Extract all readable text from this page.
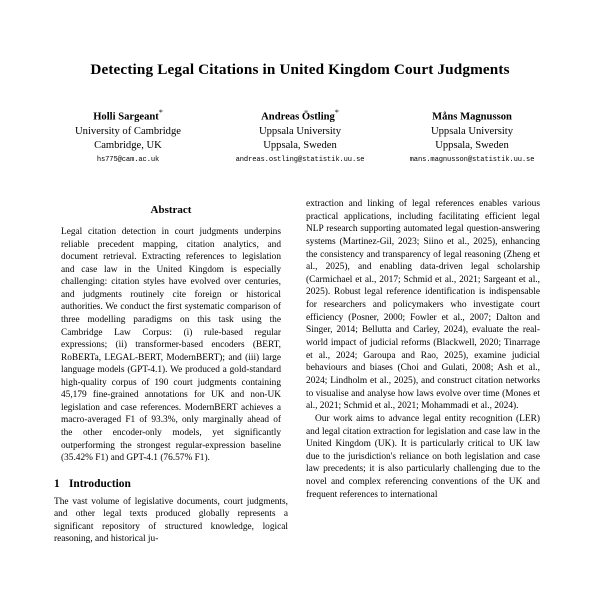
Detecting Legal Citations in United Kingdom Court Judgments
Holli Sargeant*
University of Cambridge
Cambridge, UK
hs775@cam.ac.uk
Andreas Östling*
Uppsala University
Uppsala, Sweden
andreas.ostling@statistik.uu.se
Måns Magnusson
Uppsala University
Uppsala, Sweden
mans.magnusson@statistik.uu.se
Abstract

Legal citation detection in court judgments underpins reliable precedent mapping, citation analytics, and document retrieval. Extracting references to legislation and case law in the United Kingdom is especially challenging: citation styles have evolved over centuries, and judgments routinely cite foreign or historical authorities. We conduct the first systematic comparison of three modelling paradigms on this task using the Cambridge Law Corpus: (i) rule-based regular expressions; (ii) transformer-based encoders (BERT, RoBERTa, LEGAL-BERT, ModernBERT); and (iii) large language models (GPT-4.1). We produced a gold-standard high-quality corpus of 190 court judgments containing 45,179 fine-grained annotations for UK and non-UK legislation and case references. ModernBERT achieves a macro-averaged F1 of 93.3%, only marginally ahead of the other encoder-only models, yet significantly outperforming the strongest regular-expression baseline (35.42% F1) and GPT-4.1 (76.57% F1).

1 Introduction

The vast volume of legislative documents, court judgments, and other legal texts produced globally represents a significant repository of structured knowledge, logical reasoning, and historical ju-

extraction and linking of legal references enables various practical applications, including facilitating efficient legal NLP research supporting automated legal question-answering systems (Martinez-Gil, 2023; Siino et al., 2025), enhancing the consistency and transparency of legal reasoning (Zheng et al., 2025), and enabling data-driven legal scholarship (Carmichael et al., 2017; Schmid et al., 2021; Sargeant et al., 2025). Robust legal reference identification is indispensable for researchers and policymakers who investigate court efficiency (Posner, 2000; Fowler et al., 2007; Dalton and Singer, 2014; Bellutta and Carley, 2024), evaluate the real-world impact of judicial reforms (Blackwell, 2020; Tinarrage et al., 2024; Garoupa and Rao, 2025), examine judicial behaviours and biases (Choi and Gulati, 2008; Ash et al., 2024; Lindholm et al., 2025), and construct citation networks to visualise and analyse how laws evolve over time (Mones et al., 2021; Schmid et al., 2021; Mohammadi et al., 2024).

Our work aims to advance legal entity recognition (LER) and legal citation extraction for legislation and case law in the United Kingdom (UK). It is particularly critical to UK law due to the jurisdiction's reliance on both legislation and case law precedents; it is also particularly challenging due to the novel and complex referencing conventions of the UK and frequent references to international
